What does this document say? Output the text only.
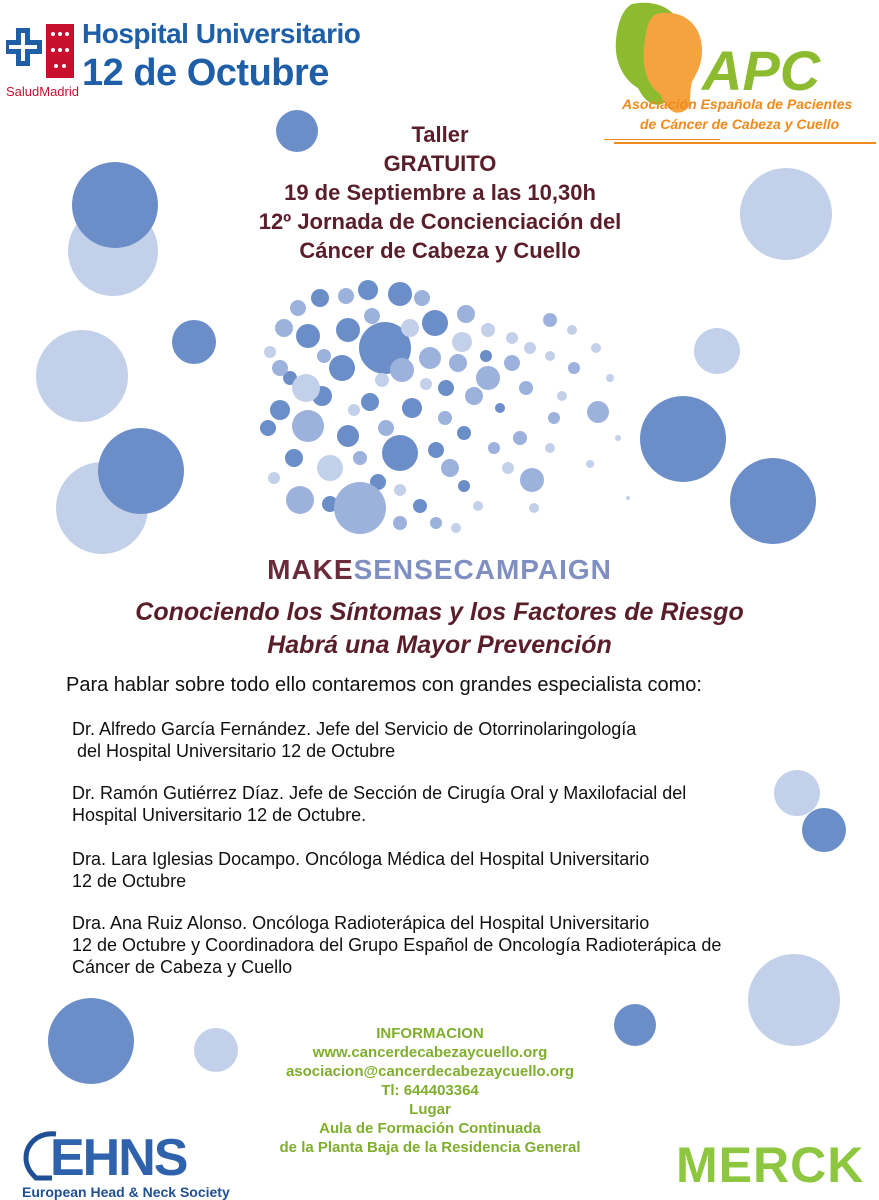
SaludMadrid
Hospital Universitario
12 de Octubre	APC
Asociación Española de Pacientes
de Cáncer de Cabeza y Cuello
Taller
GRATUITO
19 de Septiembre a las 10,30h
12º Jornada de Concienciación del
Cáncer de Cabeza y Cuello
MAKESENSECAMPAIGN
Conociendo los Síntomas y los Factores de Riesgo
Habrá una Mayor Prevención
Para hablar sobre todo ello contaremos con grandes especialista como:
Dr. Alfredo García Fernández. Jefe del Servicio de Otorrinolaringología
del Hospital Universitario 12 de Octubre
Dr. Ramón Gutiérrez Díaz. Jefe de Sección de Cirugía Oral y Maxilofacial del
Hospital Universitario 12 de Octubre.
Dra. Lara Iglesias Docampo. Oncóloga Médica del Hospital Universitario
12 de Octubre
Dra. Ana Ruiz Alonso. Oncóloga Radioterápica del Hospital Universitario
12 de Octubre y Coordinadora del Grupo Español de Oncología Radioterápica de
Cáncer de Cabeza y Cuello
INFORMACION
www.cancerdecabezaycuello.org
asociacion@cancerdecabezaycuello.org
Tl: 644403364
Lugar
Aula de Formación Continuada
de la Planta Baja de la Residencia General
EHNS
European Head & Neck Society	MERCK
